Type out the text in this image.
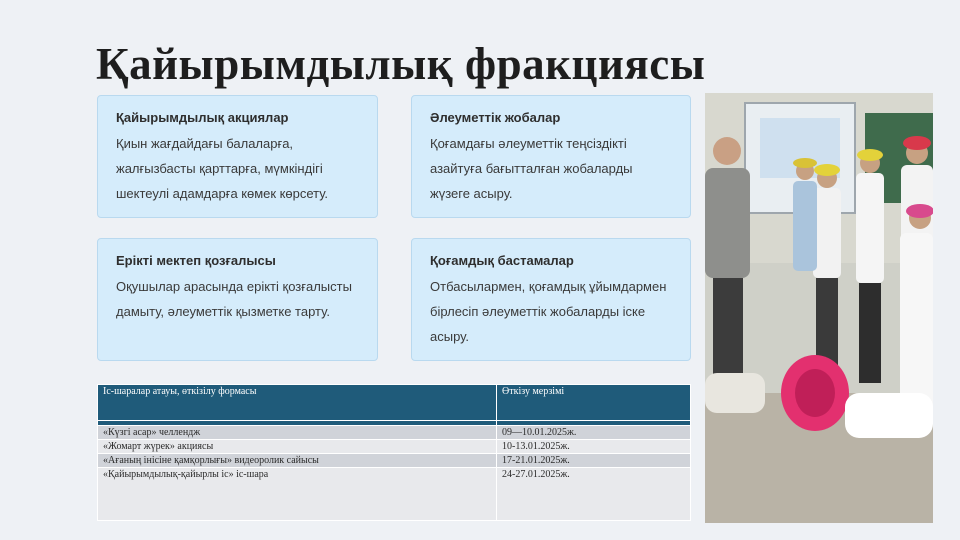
Қайырымдылық фракциясы
Қайырымдылық акциялар
Қиын жағдайдағы балаларға, жалғызбасты қарттарға, мүмкіндігі шектеулі адамдарға көмек көрсету.
Әлеуметтік жобалар
Қоғамдағы әлеуметтік теңсіздікті азайтуға бағытталған жобаларды жүзеге асыру.
Ерікті мектеп қозғалысы
Оқушылар арасында ерікті қозғалысты дамыту, әлеуметтік қызметке тарту.
Қоғамдық бастамалар
Отбасылармен, қоғамдық ұйымдармен бірлесіп әлеуметтік жобаларды іске асыру.
Іс-шаралар атауы, өткізілу формасы	Өткізу мерзімі

«Күзгі асар» челлендж	09—10.01.2025ж.
«Жомарт жүрек» акциясы	10-13.01.2025ж.
«Ағаның інісіне қамқорлығы» видеоролик сайысы	17-21.01.2025ж.
«Қайырымдылық-қайырлы іс» іс-шара	24-27.01.2025ж.
